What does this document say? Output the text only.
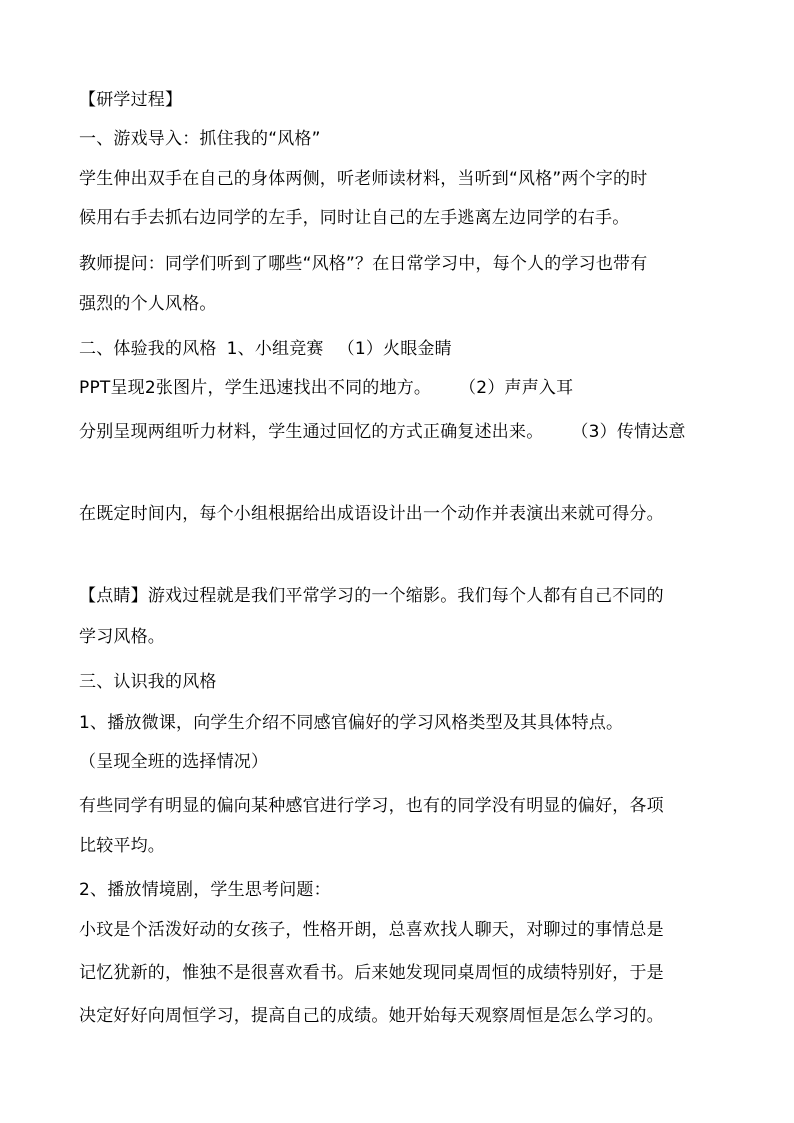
【研学过程】
一、游戏导入：抓住我的“风格”
学生伸出双手在自己的身体两侧，听老师读材料，当听到“风格”两个字的时
候用右手去抓右边同学的左手，同时让自己的左手逃离左边同学的右手。
教师提问：同学们听到了哪些“风格”？在日常学习中，每个人的学习也带有
强烈的个人风格。
二、体验我的风格 1、小组竞赛 （1）火眼金睛
PPT呈现2张图片，学生迅速找出不同的地方。 （2）声声入耳
分别呈现两组听力材料，学生通过回忆的方式正确复述出来。 （3）传情达意
在既定时间内，每个小组根据给出成语设计出一个动作并表演出来就可得分。
【点睛】游戏过程就是我们平常学习的一个缩影。我们每个人都有自己不同的
学习风格。
三、认识我的风格
1、播放微课，向学生介绍不同感官偏好的学习风格类型及其具体特点。
（呈现全班的选择情况）
有些同学有明显的偏向某种感官进行学习，也有的同学没有明显的偏好，各项
比较平均。
2、播放情境剧，学生思考问题：
小玟是个活泼好动的女孩子，性格开朗，总喜欢找人聊天，对聊过的事情总是
记忆犹新的，惟独不是很喜欢看书。后来她发现同桌周恒的成绩特别好，于是
决定好好向周恒学习，提高自己的成绩。她开始每天观察周恒是怎么学习的。
